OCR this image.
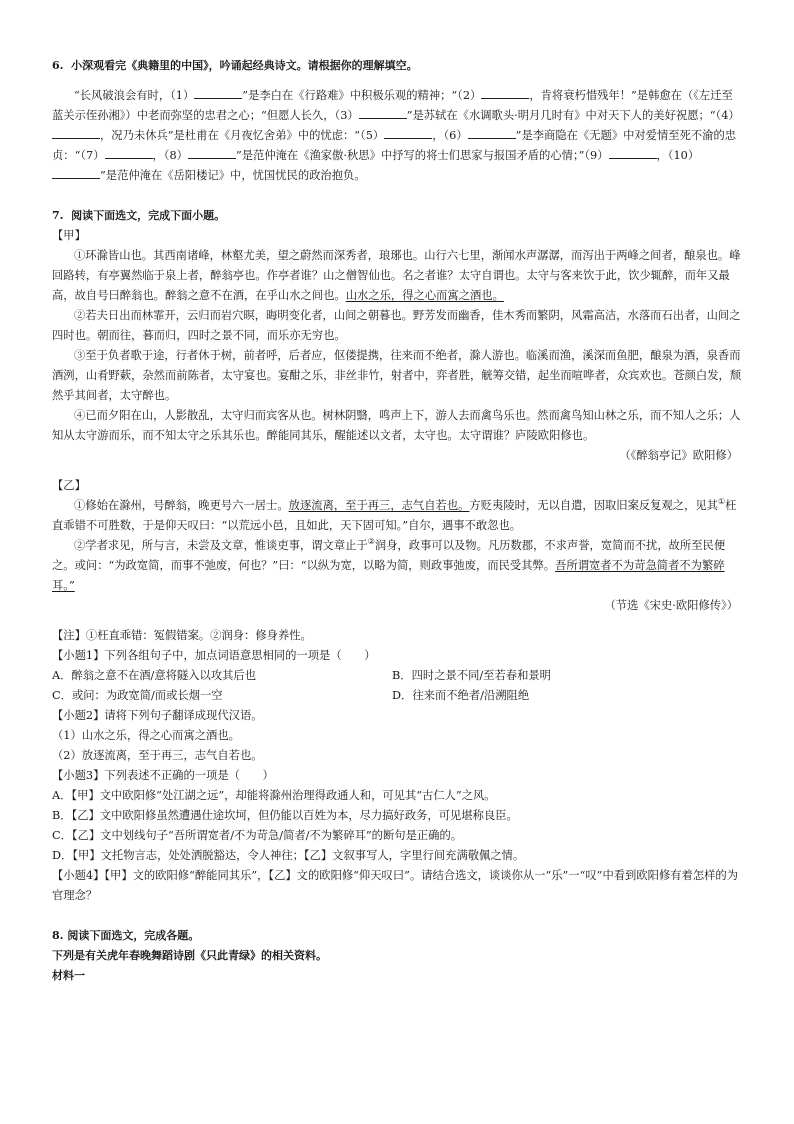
6.  小深观看完《典籍里的中国》，吟诵起经典诗文。请根据你的理解填空。

“长风破浪会有时，（1）	”是李白在《行路难》中积极乐观的精神；“（2）	，肯将衰朽惜残年！”是韩愈在（《左迁至蓝关示侄孙湘》）中老而弥坚的忠君之心；“但愿人长久，（3）	”是苏轼在《水调歌头·明月几时有》中对天下人的美好祝愿；“（4），况乃未休兵”是杜甫在《月夜忆舍弟》中的忧虑：“（5）	，（6）	”是李商隐在《无题》中对爱情至死不渝的忠贞：“（7）	，（8）	”是范仲淹在《渔家傲·秋思》中抒写的将士们思家与报国矛盾的心情；”（9）	，（10）”是范仲淹在《岳阳楼记》中，忧国忧民的政治抱负。

7.  阅读下面选文，完成下面小题。

【甲】

①环滁皆山也。其西南诸峰，林壑尤美，望之蔚然而深秀者，琅琊也。山行六七里，渐闻水声潺潺，而泻出于两峰之间者，酿泉也。峰回路转，有亭翼然临于泉上者，醉翁亭也。作亭者谁？山之僧智仙也。名之者谁？太守自谓也。太守与客来饮于此，饮少辄醉，而年又最高，故自号曰醉翁也。醉翁之意不在酒，在乎山水之间也。山水之乐，得之心而寓之酒也。

②若夫日出而林霏开，云归而岩穴暝，晦明变化者，山间之朝暮也。野芳发而幽香，佳木秀而繁阴，风霜高洁，水落而石出者，山间之四时也。朝而往，暮而归，四时之景不同，而乐亦无穷也。

③至于负者歌于途，行者休于树，前者呼，后者应，伛偻提携，往来而不绝者，滁人游也。临溪而渔，溪深而鱼肥，酿泉为酒，泉香而酒洌，山肴野蔌，杂然而前陈者，太守宴也。宴酣之乐，非丝非竹，射者中，弈者胜，觥筹交错，起坐而喧哗者，众宾欢也。苍颜白发，颓然乎其间者，太守醉也。

④已而夕阳在山，人影散乱，太守归而宾客从也。树林阴翳，鸣声上下，游人去而禽鸟乐也。然而禽鸟知山林之乐，而不知人之乐；人知从太守游而乐，而不知太守之乐其乐也。醉能同其乐，醒能述以文者，太守也。太守谓谁？庐陵欧阳修也。

（《醉翁亭记》欧阳修）

【乙】

①修始在滁州，号醉翁，晚更号六一居士。放逐流离，至于再三，志气自若也。方贬夷陵时，无以自遣，因取旧案反复观之，见其①枉直乖错不可胜数，于是仰天叹曰：“以荒远小邑，且如此，天下固可知。”自尔，遇事不敢忽也。

②学者求见，所与言，未尝及文章，惟谈吏事，谓文章止于②润身，政事可以及物。凡历数郡，不求声誉，宽简而不扰，故所至民便之。或问：“为政宽简，而事不弛废，何也？”曰：“以纵为宽，以略为简，则政事弛废，而民受其弊。吾所谓宽者不为苛急简者不为繁碎耳。”

（节选《宋史·欧阳修传》）

【注】①枉直乖错：冤假错案。②润身：修身养性。

【小题1】下列各组句子中，加点词语意思相同的一项是（　　）

A．醉翁之意不在酒/意将隧入以攻其后也	B．四时之景不同/至若春和景明
C．或问：为政宽简/而或长烟一空	D．往来而不绝者/沿溯阻绝

【小题2】请将下列句子翻译成现代汉语。

（1）山水之乐，得之心而寓之酒也。

（2）放逐流离，至于再三，志气自若也。

【小题3】下列表述不正确的一项是（　　）

A．【甲】文中欧阳修“处江湖之远”，却能将滁州治理得政通人和，可见其“古仁人”之风。

B．【乙】文中欧阳修虽然遭遇仕途坎坷，但仍能以百姓为本，尽力搞好政务，可见堪称良臣。

C．【乙】文中划线句子“吾所谓宽者/不为苛急/简者/不为繁碎耳”的断句是正确的。

D．【甲】文托物言志，处处洒脱豁达，令人神往；【乙】文叙事写人，字里行间充满敬佩之情。

【小题4】【甲】文的欧阳修“醉能同其乐”，【乙】文的欧阳修“仰天叹曰”。请结合选文，谈谈你从一“乐”一“叹”中看到欧阳修有着怎样的为官理念？

8. 阅读下面选文，完成各题。

下列是有关虎年春晚舞蹈诗剧《只此青绿》的相关资料。

材料一
